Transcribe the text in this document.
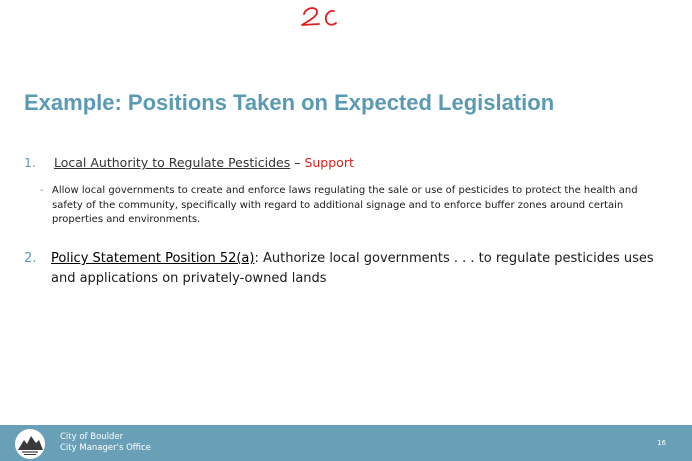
Example: Positions Taken on Expected Legislation
1. Local Authority to Regulate Pesticides – Support
- Allow local governments to create and enforce laws regulating the sale or use of pesticides to protect the health and safety of the community, specifically with regard to additional signage and to enforce buffer zones around certain properties and environments.
2.	Policy Statement Position 52(a): Authorize local governments . . . to regulate pesticides uses and applications on privately-owned lands
City of Boulder
City Manager's Office	16
